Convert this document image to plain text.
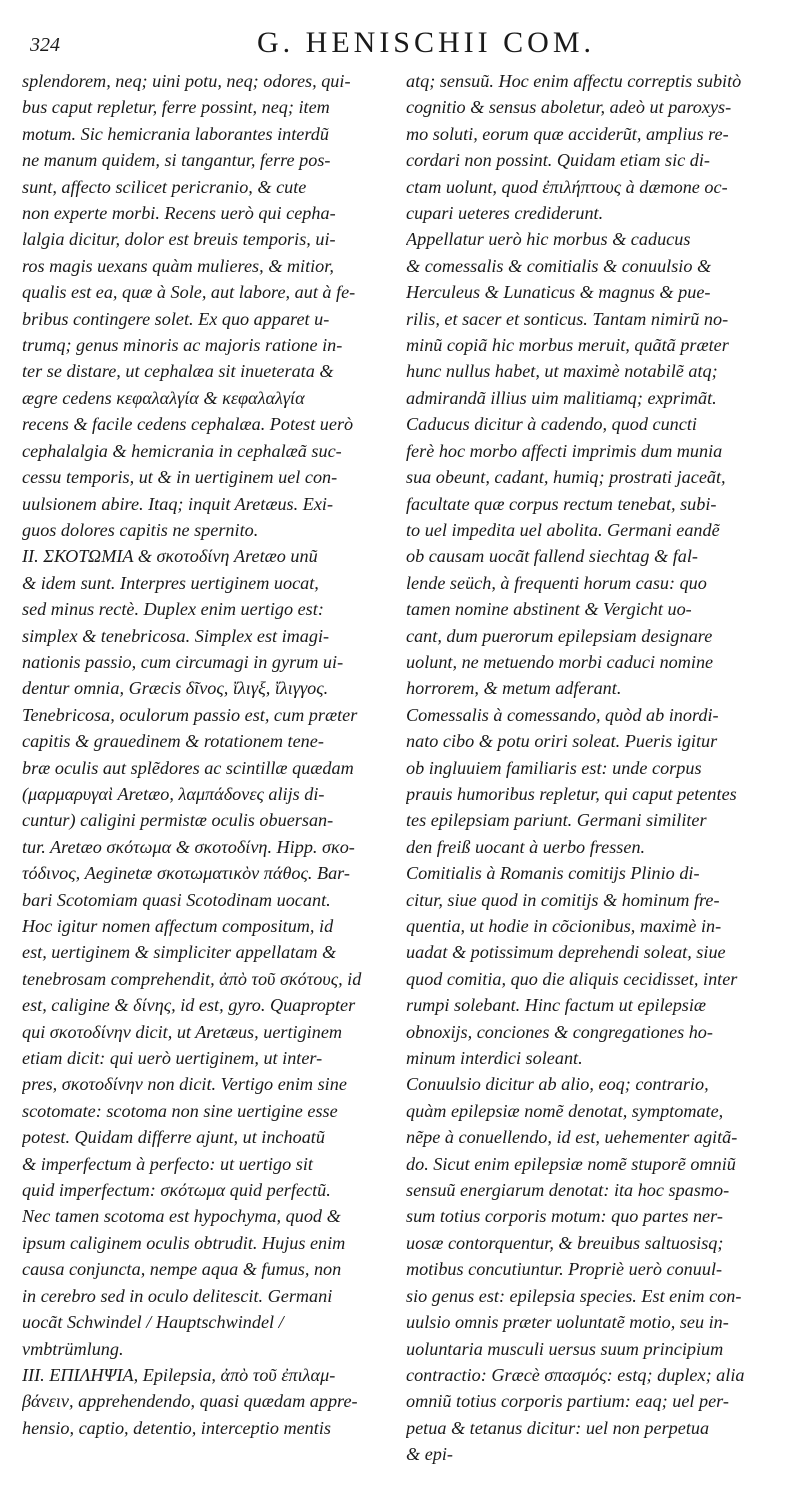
324	G. HENISCHII COM.
splendorem, neq; uini potu, neq; odores, qui-
bus caput repletur, ferre possint, neq; item
motum. Sic hemicrania laborantes interdũ
ne manum quidem, si tangantur, ferre pos-
sunt, affecto scilicet pericranio, & cute
non experte morbi. Recens uerò qui cepha-
lalgia dicitur, dolor est breuis temporis, ui-
ros magis uexans quàm mulieres, & mitior,
qualis est ea, quæ à Sole, aut labore, aut à fe-
bribus contingere solet. Ex quo apparet u-
trumq; genus minoris ac majoris ratione in-
ter se distare, ut cephalæa sit inueterata &
ægre cedens κεφαλαλγία & κεφαλαλγία
recens & facile cedens cephalæa. Potest uerò
cephalalgia & hemicrania in cephalæã suc-
cessu temporis, ut & in uertiginem uel con-
uulsionem abire. Itaq; inquit Aretæus. Exi-
guos dolores capitis ne spernito.
II. ΣΚΟΤΩΜΙΑ & σκοτοδίνη Aretæo unũ
& idem sunt. Interpres uertiginem uocat,
sed minus rectè. Duplex enim uertigo est:
simplex & tenebricosa. Simplex est imagi-
nationis passio, cum circumagi in gyrum ui-
dentur omnia, Græcis δῖνος, ἴλιγξ, ἴλιγγος.
Tenebricosa, oculorum passio est, cum præter
capitis & grauedinem & rotationem tene-
bræ oculis aut splẽdores ac scintillæ quædam
(μαρμαρυγαὶ Aretæo, λαμπάδονες alijs di-
cuntur) caligini permistæ oculis obuersan-
tur. Aretæo σκότωμα & σκοτοδίνη. Hipp. σκο-
τόδινος, Aeginetæ σκοτωματικὸν πάθος. Bar-
bari Scotomiam quasi Scotodinam uocant.
Hoc igitur nomen affectum compositum, id
est, uertiginem & simpliciter appellatam &
tenebrosam comprehendit, ἀπὸ τοῦ σκότους, id
est, caligine & δίνης, id est, gyro. Quapropter
qui σκοτοδίνην dicit, ut Aretæus, uertiginem
etiam dicit: qui uerò uertiginem, ut inter-
pres, σκοτοδίνην non dicit. Vertigo enim sine
scotomate: scotoma non sine uertigine esse
potest. Quidam differre ajunt, ut inchoatũ
& imperfectum à perfecto: ut uertigo sit
quid imperfectum: σκότωμα quid perfectũ.
Nec tamen scotoma est hypochyma, quod &
ipsum caliginem oculis obtrudit. Hujus enim
causa conjuncta, nempe aqua & fumus, non
in cerebro sed in oculo delitescit. Germani
uocãt Schwindel / Hauptschwindel /
vmbtrümlung.
III. ΕΠΙΛΗΨΙΑ, Epilepsia, ἀπὸ τοῦ ἐπιλαμ-
βάνειν, apprehendendo, quasi quædam appre-
hensio, captio, detentio, interceptio mentis
atq; sensuũ. Hoc enim affectu correptis subitò
cognitio & sensus aboletur, adeò ut paroxys-
mo soluti, eorum quæ acciderũt, amplius re-
cordari non possint. Quidam etiam sic di-
ctam uolunt, quod ἐπιλήπτους à dæmone oc-
cupari ueteres crediderunt.
Appellatur uerò hic morbus & caducus
& comessalis & comitialis & conuulsio &
Herculeus & Lunaticus & magnus & pue-
rilis, et sacer et sonticus. Tantam nimirũ no-
minũ copiã hic morbus meruit, quãtã præter
hunc nullus habet, ut maximè notabilẽ atq;
admirandã illius uim malitiamq; exprimãt.
Caducus dicitur à cadendo, quod cuncti
ferè hoc morbo affecti imprimis dum munia
sua obeunt, cadant, humiq; prostrati jaceãt,
facultate quæ corpus rectum tenebat, subi-
to uel impedita uel abolita. Germani eandẽ
ob causam uocãt fallend siechtag & fal-
lende seüch, à frequenti horum casu: quo
tamen nomine abstinent & Vergicht uo-
cant, dum puerorum epilepsiam designare
uolunt, ne metuendo morbi caduci nomine
horrorem, & metum adferant.
Comessalis à comessando, quòd ab inordi-
nato cibo & potu oriri soleat. Pueris igitur
ob ingluuiem familiaris est: unde corpus
prauis humoribus repletur, qui caput petentes
tes epilepsiam pariunt. Germani similiter
den freiß uocant à uerbo fressen.
Comitialis à Romanis comitijs Plinio di-
citur, siue quod in comitijs & hominum fre-
quentia, ut hodie in cõcionibus, maximè in-
uadat & potissimum deprehendi soleat, siue
quod comitia, quo die aliquis cecidisset, inter
rumpi solebant. Hinc factum ut epilepsiæ
obnoxijs, conciones & congregationes ho-
minum interdici soleant.
Conuulsio dicitur ab alio, eoq; contrario,
quàm epilepsiæ nomẽ denotat, symptomate,
nẽpe à conuellendo, id est, uehementer agitã-
do. Sicut enim epilepsiæ nomẽ stuporẽ omniũ
sensuũ energiarum denotat: ita hoc spasmo-
sum totius corporis motum: quo partes ner-
uosæ contorquentur, & breuibus saltuosisq;
motibus concutiuntur. Propriè uerò conuul-
sio genus est: epilepsia species. Est enim con-
uulsio omnis præter uoluntatẽ motio, seu in-
uoluntaria musculi uersus suum principium
contractio: Græcè σπασμός: estq; duplex; alia
omniũ totius corporis partium: eaq; uel per-
petua & tetanus dicitur: uel non perpetua
& epi-
